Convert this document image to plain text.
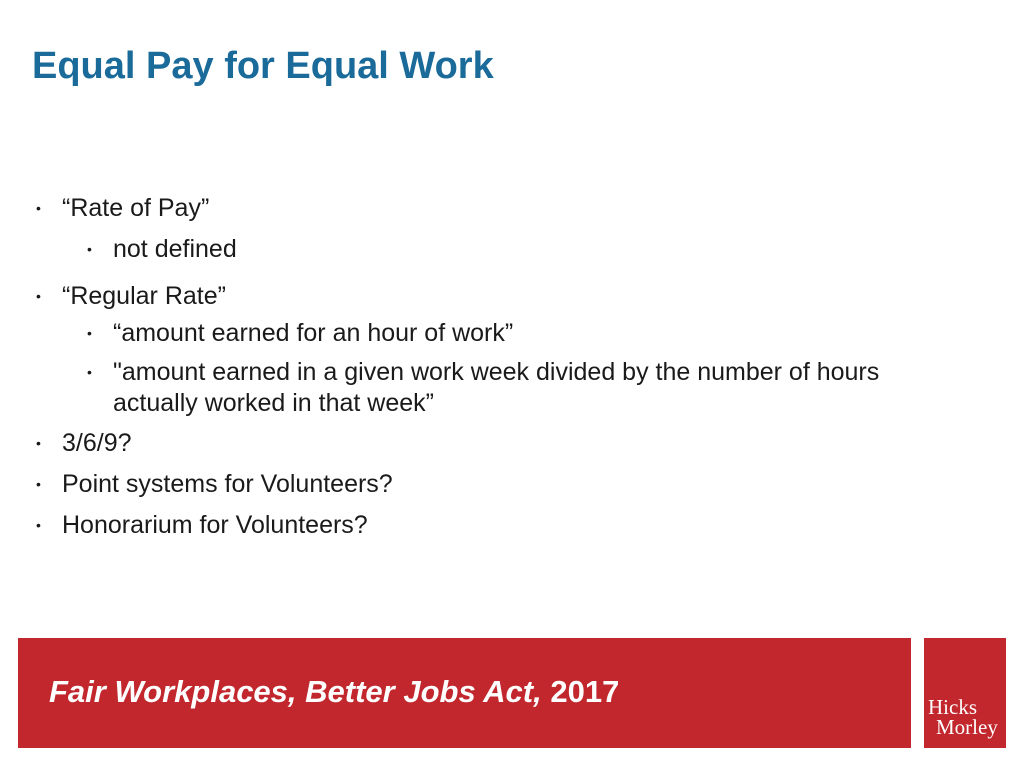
Equal Pay for Equal Work
• “Rate of Pay”
• not defined
• “Regular Rate”
• “amount earned for an hour of work”
• "amount earned in a given work week divided by the number of hours
actually worked in that week”
• 3/6/9?
• Point systems for Volunteers?
• Honorarium for Volunteers?
Fair Workplaces, Better Jobs Act, 2017	Hicks
Morley
